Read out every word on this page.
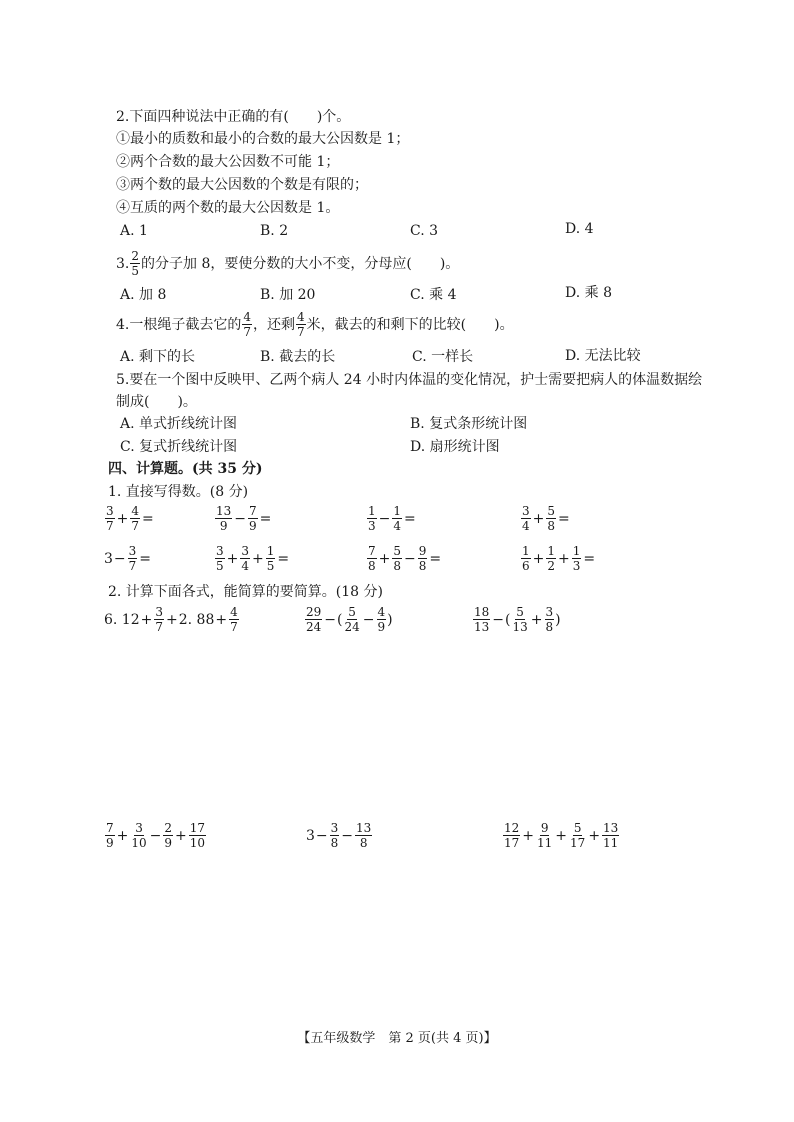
2.下面四种说法中正确的有(　　)个。
①最小的质数和最小的合数的最大公因数是 1；
②两个合数的最大公因数不可能 1；
③两个数的最大公因数的个数是有限的；
④互质的两个数的最大公因数是 1。
A. 1	B. 2	C. 3	D. 4
3. $\frac{2}{5}$ 的分子加 8，要使分数的大小不变，分母应(　　)。
A. 加 8	B. 加 20	C. 乘 4	D. 乘 8
4.一根绳子截去它的 $\frac{4}{7}$ ，还剩 $\frac{4}{7}$ 米，截去的和剩下的比较(　　)。
A. 剩下的长	B. 截去的长	C. 一样长	D. 无法比较
5.要在一个图中反映甲、乙两个病人 24 小时内体温的变化情况，护士需要把病人的体温数据绘
制成(　　)。
A. 单式折线统计图	B. 复式条形统计图
C. 复式折线统计图	D. 扇形统计图
四、计算题。(共 35 分)
1. 直接写得数。(8 分)
$\frac{3}{7} + \frac{4}{7}$ =	$\frac{13}{9} - \frac{7}{9}$ =	$\frac{1}{3} - \frac{1}{4}$ =	$\frac{3}{4} + \frac{5}{8}$ =
$3 - \frac{3}{7}$ =	$\frac{3}{5} + \frac{3}{4} + \frac{1}{5}$ =	$\frac{7}{8} + \frac{5}{8} - \frac{9}{8}$ =	$\frac{1}{6} + \frac{1}{2} + \frac{1}{3}$ =
2. 计算下面各式，能简算的要简算。(18 分)
6. $12 + \frac{3}{7} + 2$. $88 + \frac{4}{7}$	$\frac{29}{24}$ − ( $\frac{5}{24} - \frac{4}{9}$ )	$\frac{18}{13}$ − ( $\frac{5}{13} + \frac{3}{8}$ )
$\frac{7}{9} + \frac{3}{10} - \frac{2}{9} + \frac{17}{10}$	$3 - \frac{3}{8} - \frac{13}{8}$	$\frac{12}{17} + \frac{9}{11} + \frac{5}{17} + \frac{13}{11}$
【五年级数学　第 2 页(共 4 页)】
